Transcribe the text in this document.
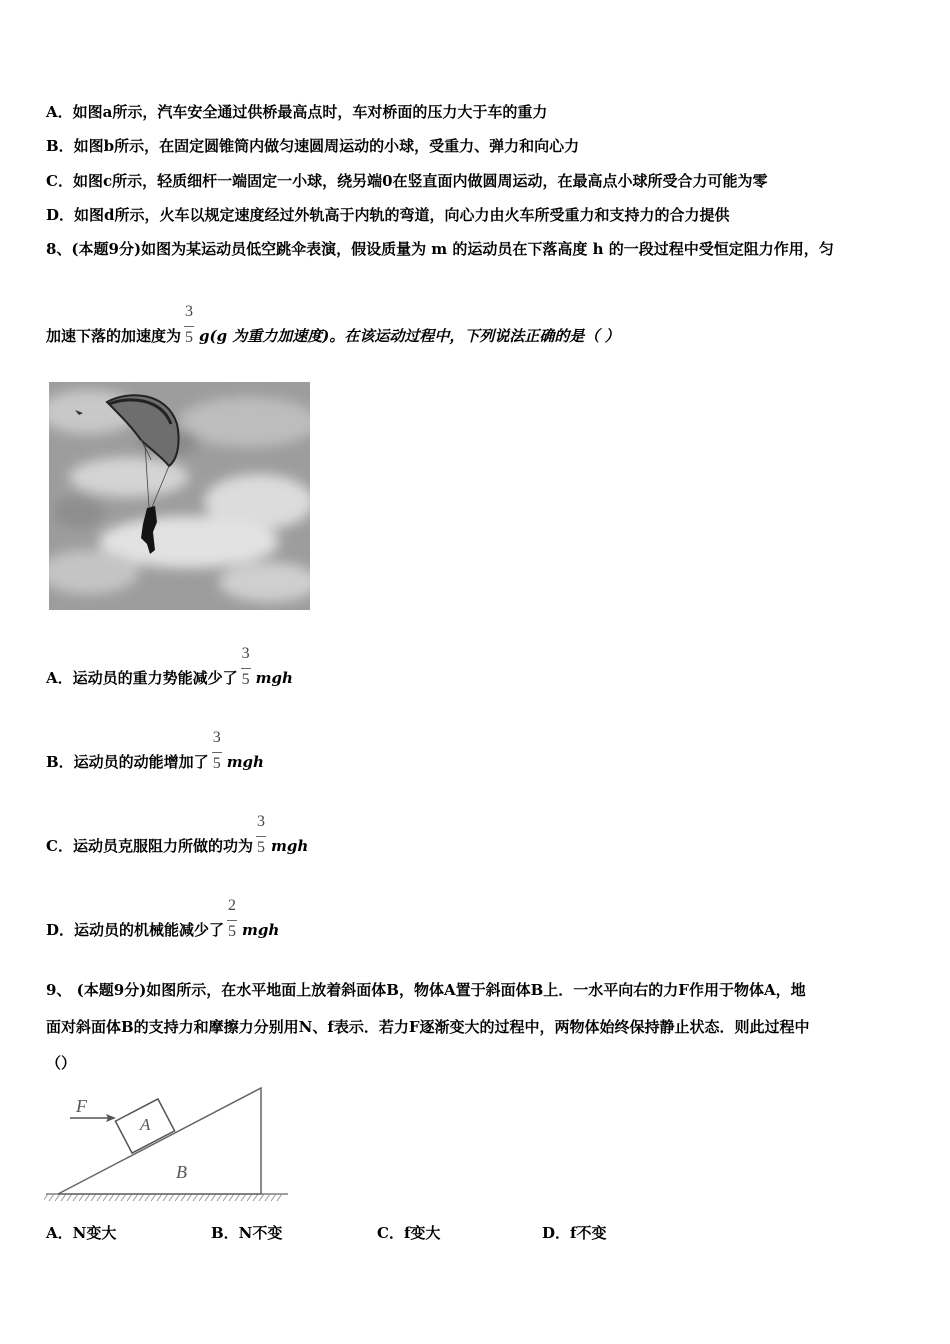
A．如图a所示，汽车安全通过供桥最高点时，车对桥面的压力大于车的重力
B．如图b所示，在固定圆锥筒内做匀速圆周运动的小球，受重力、弹力和向心力
C．如图c所示，轻质细杆一端固定一小球，绕另端0在竖直面内做圆周运动，在最高点小球所受合力可能为零
D．如图d所示，火车以规定速度经过外轨高于内轨的弯道，向心力由火车所受重力和支持力的合力提供
8、(本题9分)如图为某运动员低空跳伞表演，假设质量为 m 的运动员在下落高度 h 的一段过程中受恒定阻力作用，匀
加速下落的加速度为
3
5 g(g 为重力加速度)。在该运动过程中，下列说法正确的是（ ）
A．运动员的重力势能减少了
3
5 mgh
B．运动员的动能增加了
3
5 mgh
C．运动员克服阻力所做的功为
3
5 mgh
D．运动员的机械能减少了
2
5 mgh
9、 (本题9分)如图所示，在水平地面上放着斜面体B，物体A置于斜面体B上．一水平向右的力F作用于物体A，地
面对斜面体B的支持力和摩擦力分别用N、f表示．若力F逐渐变大的过程中，两物体始终保持静止状态．则此过程中
（）
A
B
F
A．N变大	B．N不变	C．f变大	D．f不变
